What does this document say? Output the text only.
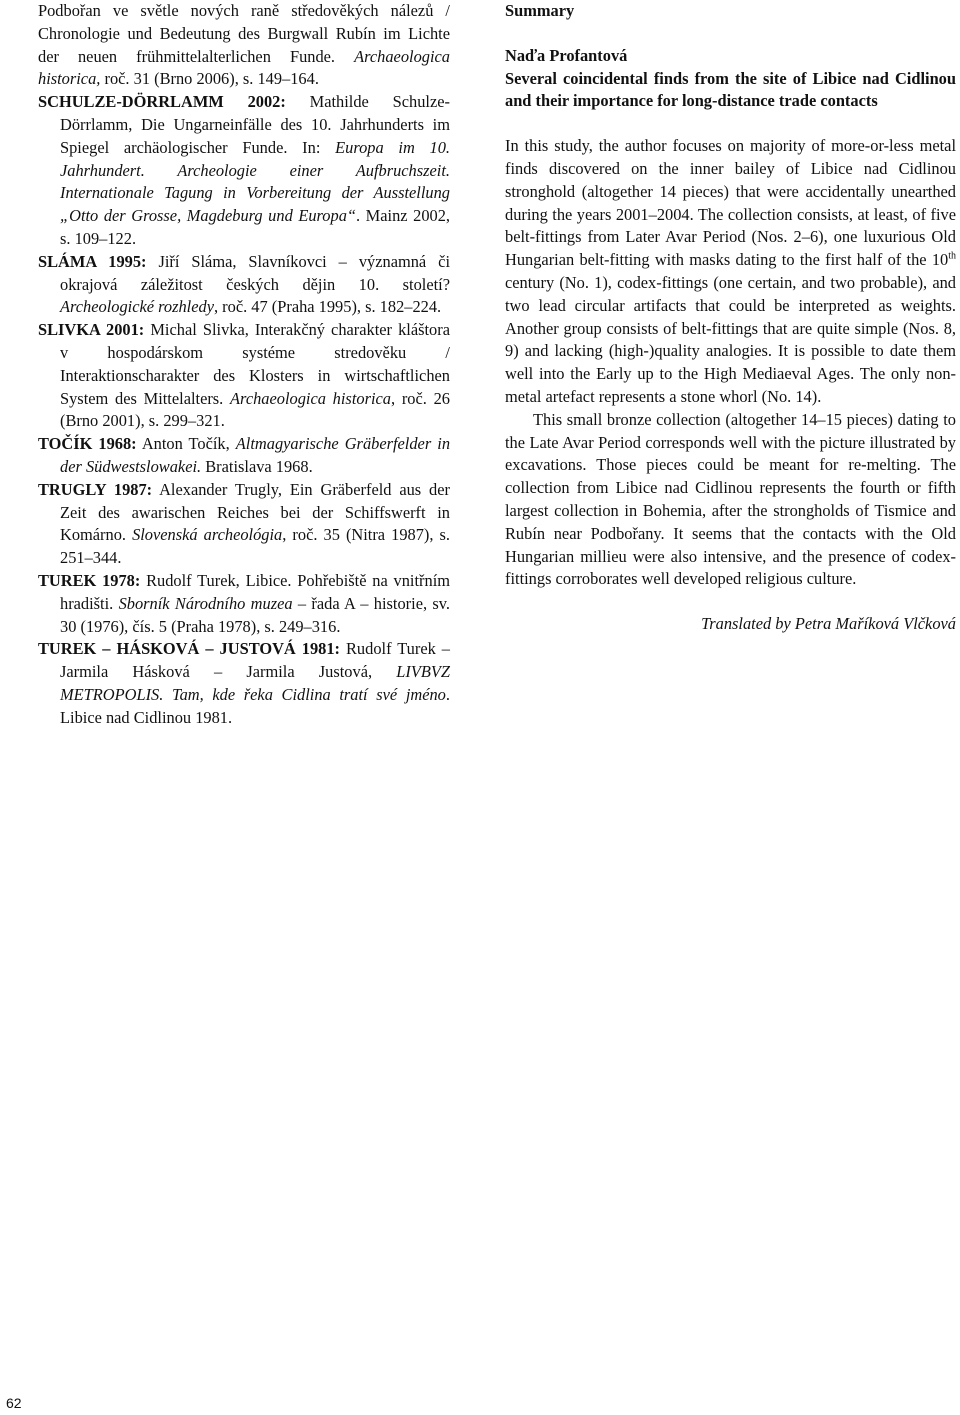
Podbořan ve světle nových raně středověkých nálezů / Chronologie und Bedeutung des Burgwall Rubín im Lichte der neuen frühmittelalterlichen Funde. Archaeologica historica, roč. 31 (Brno 2006), s. 149–164.

SCHULZE-DÖRRLAMM 2002: Mathilde Schulze-Dörrlamm, Die Ungarneinfälle des 10. Jahrhunderts im Spiegel archäologischer Funde. In: Europa im 10. Jahrhundert. Archeologie einer Aufbruchszeit. Internationale Tagung in Vorbereitung der Ausstellung „Otto der Grosse, Magdeburg und Europa“. Mainz 2002, s. 109–122.

SLÁMA 1995: Jiří Sláma, Slavníkovci – významná či okrajová záležitost českých dějin 10. století? Archeologické rozhledy, roč. 47 (Praha 1995), s. 182–224.

SLIVKA 2001: Michal Slivka, Interakčný charakter kláštora v hospodárskom systéme stredověku / Interaktionscharakter des Klosters in wirtschaftlichen System des Mittelalters. Archaeologica historica, roč. 26 (Brno 2001), s. 299–321.

TOČÍK 1968: Anton Točík, Altmagyarische Gräberfelder in der Südwestslowakei. Bratislava 1968.

TRUGLY 1987: Alexander Trugly, Ein Gräberfeld aus der Zeit des awarischen Reiches bei der Schiffswerft in Komárno. Slovenská archeológia, roč. 35 (Nitra 1987), s. 251–344.

TUREK 1978: Rudolf Turek, Libice. Pohřebiště na vnitřním hradišti. Sborník Národního muzea – řada A – historie, sv. 30 (1976), čís. 5 (Praha 1978), s. 249–316.

TUREK – HÁSKOVÁ – JUSTOVÁ 1981: Rudolf Turek – Jarmila Hásková – Jarmila Justová, LIVBVZ METROPOLIS. Tam, kde řeka Cidlina tratí své jméno. Libice nad Cidlinou 1981.

Summary

Naďa Profantová

Several coincidental finds from the site of Libice nad Cidlinou and their importance for long-distance trade contacts

In this study, the author focuses on majority of more-or-less metal finds discovered on the inner bailey of Libice nad Cidlinou stronghold (altogether 14 pieces) that were accidentally unearthed during the years 2001–2004. The collection consists, at least, of five belt-fittings from Later Avar Period (Nos. 2–6), one luxurious Old Hungarian belt-fitting with masks dating to the first half of the 10th century (No. 1), codex-fittings (one certain, and two probable), and two lead circular artifacts that could be interpreted as weights. Another group consists of belt-fittings that are quite simple (Nos. 8, 9) and lacking (high-)quality analogies. It is possible to date them well into the Early up to the High Mediaeval Ages. The only non-metal artefact represents a stone whorl (No. 14).

This small bronze collection (altogether 14–15 pieces) dating to the Late Avar Period corresponds well with the picture illustrated by excavations. Those pieces could be meant for re-melting. The collection from Libice nad Cidlinou represents the fourth or fifth largest collection in Bohemia, after the strongholds of Tismice and Rubín near Podbořany. It seems that the contacts with the Old Hungarian millieu were also intensive, and the presence of codex-fittings corroborates well developed religious culture.

Translated by Petra Maříková Vlčková

62
